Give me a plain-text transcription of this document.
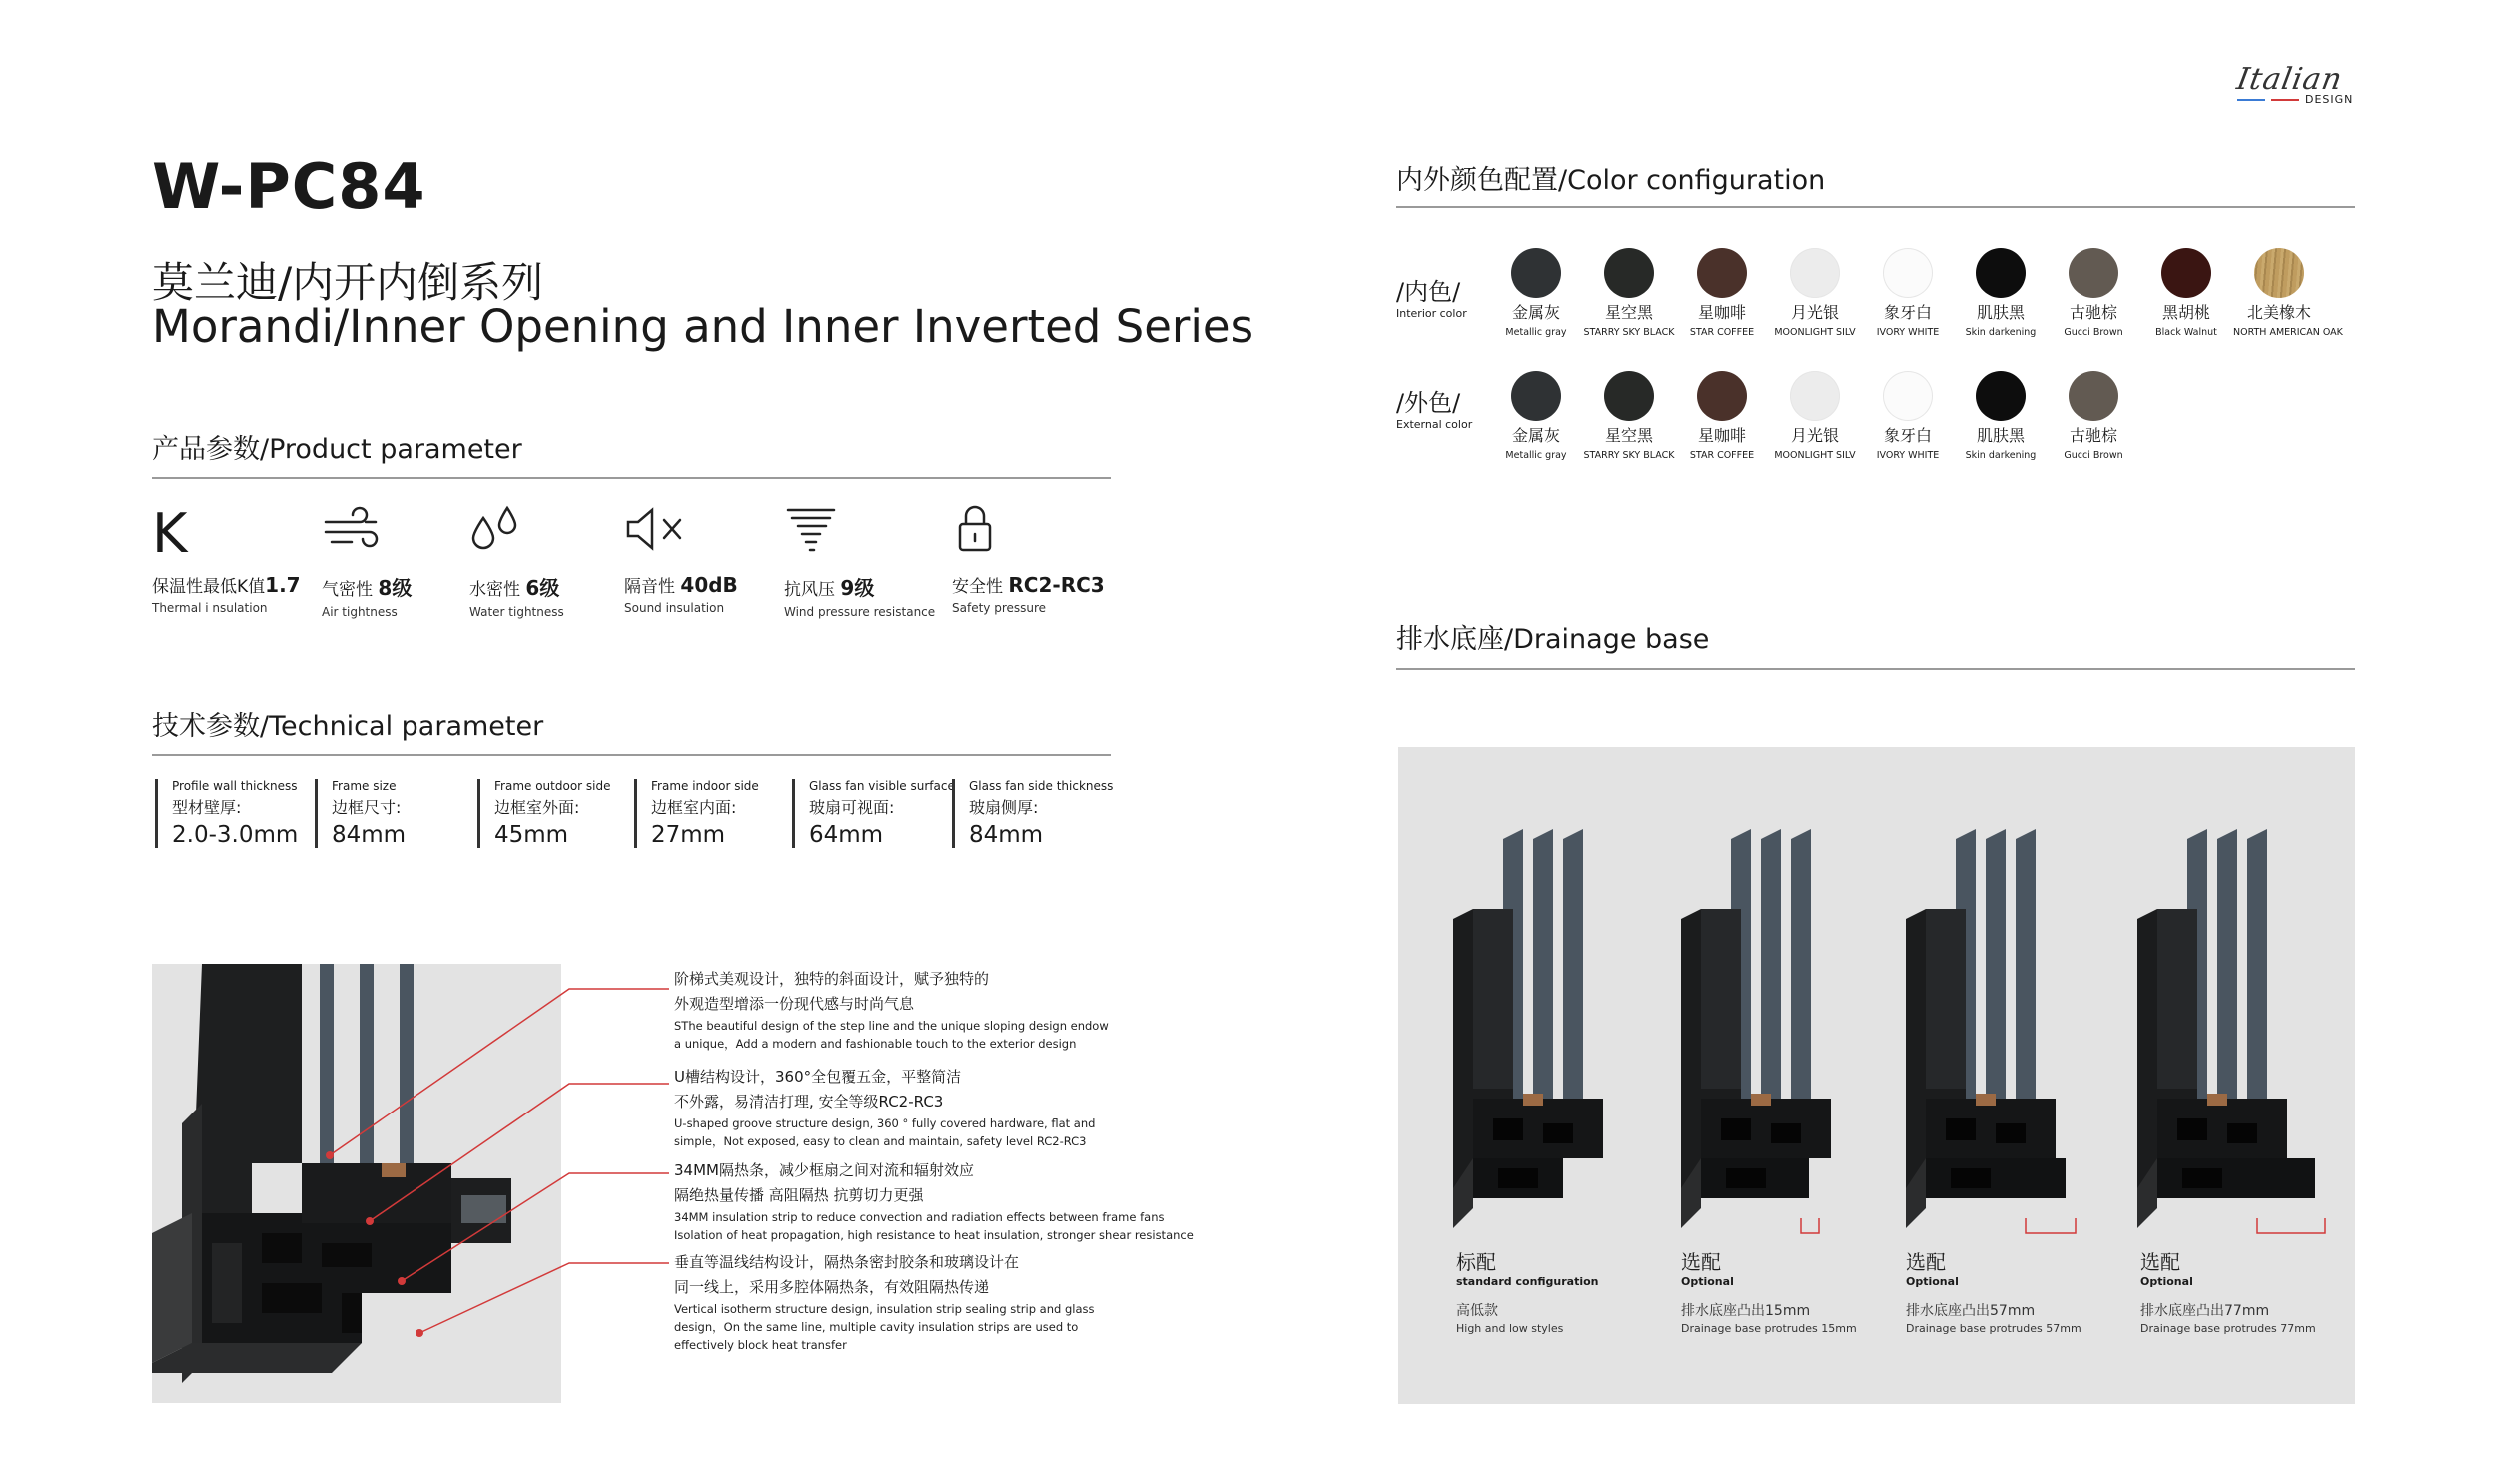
Italian
DESIGN
W-PC84
莫兰迪/内开内倒系列
Morandi/Inner Opening and Inner Inverted Series
产品参数/Product parameter
K
保温性最低K值1.7
Thermal i nsulation
气密性 8级
Air tightness
水密性 6级
Water tightness
隔音性 40dB
Sound insulation
抗风压 9级
Wind pressure resistance
安全性 RC2-RC3
Safety pressure
技术参数/Technical parameter
Profile wall thickness
型材壁厚:
2.0-3.0mm
Frame size
边框尺寸:
84mm
Frame outdoor side
边框室外面:
45mm
Frame indoor side
边框室内面:
27mm
Glass fan visible surface
玻扇可视面:
64mm
Glass fan side thickness
玻扇侧厚:
84mm
阶梯式美观设计，独特的斜面设计，赋予独特的
外观造型增添一份现代感与时尚气息
SThe beautiful design of the step line and the unique sloping design endow
a unique，Add a modern and fashionable touch to the exterior design
U槽结构设计，360°全包覆五金，平整简洁
不外露，易清洁打理, 安全等级RC2-RC3
U-shaped groove structure design, 360 ° fully covered hardware, flat and
simple，Not exposed, easy to clean and maintain, safety level RC2-RC3
34MM隔热条，减少框扇之间对流和辐射效应
隔绝热量传播 高阻隔热 抗剪切力更强
34MM insulation strip to reduce convection and radiation effects between frame fans
Isolation of heat propagation, high resistance to heat insulation, stronger shear resistance
垂直等温线结构设计，隔热条密封胶条和玻璃设计在
同一线上，采用多腔体隔热条，有效阻隔热传递
Vertical isotherm structure design, insulation strip sealing strip and glass
design，On the same line, multiple cavity insulation strips are used to
effectively block heat transfer
内外颜色配置/Color configuration
/内色/
Interior color
/外色/
External color
金属灰
Metallic gray
星空黑
STARRY SKY BLACK
星咖啡
STAR COFFEE
月光银
MOONLIGHT SILV
象牙白
IVORY WHITE
肌肤黑
Skin darkening
古驰棕
Gucci Brown
黑胡桃
Black Walnut
北美橡木
NORTH AMERICAN OAK
金属灰
Metallic gray
星空黑
STARRY SKY BLACK
星咖啡
STAR COFFEE
月光银
MOONLIGHT SILV
象牙白
IVORY WHITE
肌肤黑
Skin darkening
古驰棕
Gucci Brown
排水底座/Drainage base
标配
standard configuration
高低款
High and low styles
选配
Optional
排水底座凸出15mm
Drainage base protrudes 15mm
选配
Optional
排水底座凸出57mm
Drainage base protrudes 57mm
选配
Optional
排水底座凸出77mm
Drainage base protrudes 77mm
